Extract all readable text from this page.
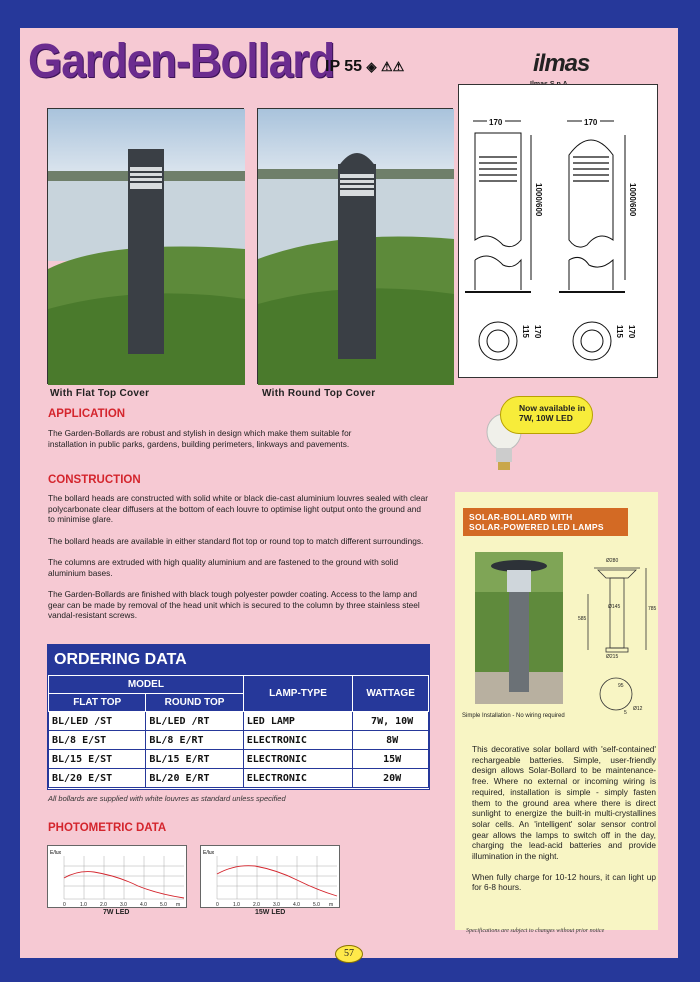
Garden-Bollard
IP 55 ◈ ⚠⚠	ilmas
With Flat Top Cover	With Round Top Cover
170	170
1000/600	1000/600
115 170	115 170
APPLICATION
The Garden-Bollards are robust and stylish in design which make them suitable for installation in public parks, gardens, building perimeters, linkways and pavements.
Now available in
7W, 10W LED
CONSTRUCTION

The bollard heads are constructed with solid white or black die-cast aluminium louvres sealed with clear polycarbonate clear diffusers at the bottom of each louvre to optimise light output onto the ground and to minimise glare.

The bollard heads are available in either standard flot top or round top to match different surroundings.

The columns are extruded with high quality aluminium and are fastened to the ground with solid aluminium bases.

The Garden-Bollards are finished with black tough polyester powder coating. Access to the lamp and gear can be made by removal of the head unit which is secured to the column by three stainless steel vandal-resistant screws.

ORDERING DATA
MODEL		LAMP-TYPE	WATTAGE
FLAT TOP	ROUND TOP		
BL/LED /ST	BL/LED /RT	LED LAMP	7W, 10W
BL/8 E/ST	BL/8 E/RT	ELECTRONIC	8W
BL/15 E/ST	BL/15 E/RT	ELECTRONIC	15W
BL/20 E/ST	BL/20 E/RT	ELECTRONIC	20W
All bollards are supplied with white louvres as standard unless specified
PHOTOMETRIC DATA
E/lux
0	1.0	2.0	3.0	4.0	5.0 m
7W LED
E/lux
0	1.0	2.0	3.0	4.0	5.0 m
15W LED
SOLAR-BOLLARD WITH
SOLAR-POWERED LED LAMPS
Ø280
Ø145	785
585
Ø215
95
Ø12
5
Simple Installation - No wiring required

This decorative solar bollard with 'self-contained' rechargeable batteries. Simple, user-friendly design allows Solar-Bollard to be maintenance-free. Where no external or incoming wiring is required, installation is simple - simply fasten them to the ground area where there is direct sunlight to energize the built-in multi-crystallines solar cells. An 'intelligent' solar sensor control gear allows the lamps to switch off in the day, charging the lead-acid batteries and provide illumination in the night.

When fully charge for 10-12 hours, it can light up for 6-8 hours.

Specifications are subject to changes without prior notice
57
